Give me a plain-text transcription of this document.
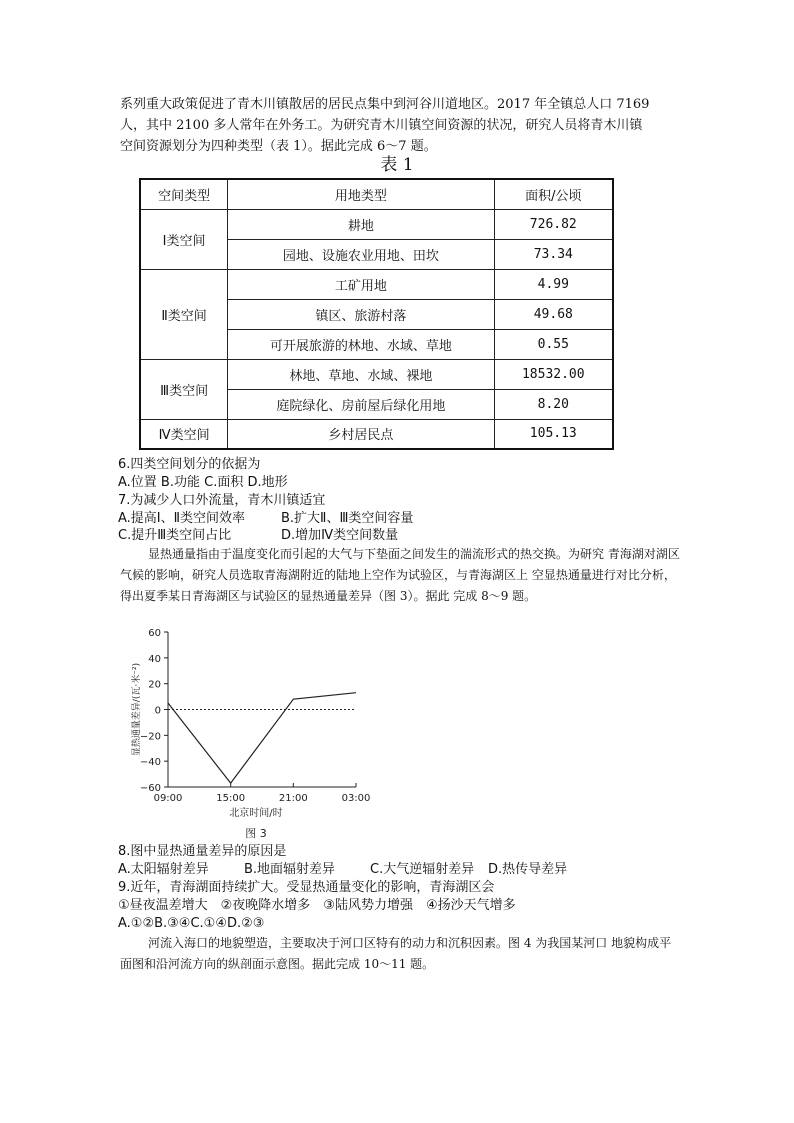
系列重大政策促进了青木川镇散居的居民点集中到河谷川道地区。2017 年全镇总人口 7169
人，其中 2100 多人常年在外务工。为研究青木川镇空间资源的状况，研究人员将青木川镇
空间资源划分为四种类型（表 1）。据此完成 6～7 题。
表 1
空间类型	用地类型	面积/公顷
Ⅰ类空间	耕地	726.82
	园地、设施农业用地、田坎	73.34
Ⅱ类空间	工矿用地	4.99
	镇区、旅游村落	49.68
	可开展旅游的林地、水域、草地	0.55
Ⅲ类空间	林地、草地、水域、裸地	18532.00
	庭院绿化、房前屋后绿化用地	8.20
Ⅳ类空间	乡村居民点	105.13
6.四类空间划分的依据为
A.位置 B.功能 C.面积 D.地形
7.为减少人口外流量，青木川镇适宜
A.提高Ⅰ、Ⅱ类空间效率	B.扩大Ⅱ、Ⅲ类空间容量
C.提升Ⅲ类空间占比	D.增加Ⅳ类空间数量
显热通量指由于温度变化而引起的大气与下垫面之间发生的湍流形式的热交换。为研究 青海湖对湖区气候的影响，研究人员选取青海湖附近的陆地上空作为试验区，与青海湖区上 空显热通量进行对比分析，得出夏季某日青海湖区与试验区的显热通量差异（图 3）。据此 完成 8～9 题。
60
40
20
0
−20
−40
−60
09:00	15:00	21:00	03:00
北京时间/时
显热通量差异/(瓦·米⁻²)
图 3
8.图中显热通量差异的原因是
A.太阳辐射差异	B.地面辐射差异	C.大气逆辐射差异 D.热传导差异
9.近年，青海湖面持续扩大。受显热通量变化的影响，青海湖区会
①昼夜温差增大　②夜晚降水增多　③陆风势力增强　④扬沙天气增多
A.①②B.③④C.①④D.②③
河流入海口的地貌塑造，主要取决于河口区特有的动力和沉积因素。图 4 为我国某河口 地貌构成平面图和沿河流方向的纵剖面示意图。据此完成 10～11 题。
